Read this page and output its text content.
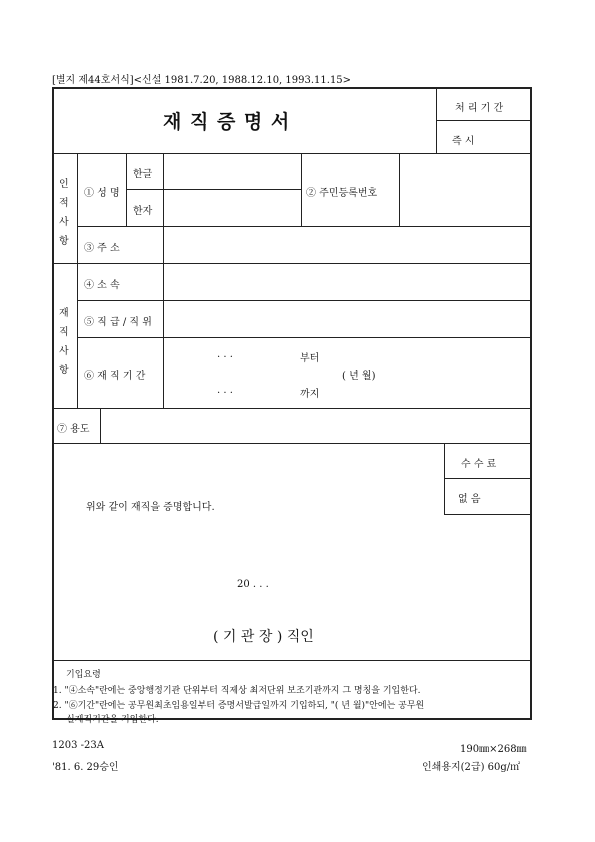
[별지 제44호서식]<신설 1981.7.20, 1988.12.10, 1993.11.15>
재 직 증 명 서
처 리 기 간
즉 시
인
적
사
항
① 성 명
한글
한자
② 주민등록번호
③ 주 소
재
직
사
항
④ 소 속
⑤ 직 급 / 직 위
⑥ 재 직 기 간
. . .	부터
. . .	까지
( 년 월)
⑦ 용도
수 수 료
없 음
위와 같이 재직을 증명합니다.
20 . . .
( 기 관 장 ) 직인
기입요령
1. "④소속"란에는 중앙행정기관 단위부터 직제상 최저단위 보조기관까지 그 명칭을 기입한다.
2. "⑥기간"란에는 공무원최초임용일부터 증명서발급일까지 기입하되, "( 년 월)"안에는 공무원
실재직기간을 기입한다.
1203 -23A
'81. 6. 29승인
190㎜×268㎜
인쇄용지(2급) 60g/㎡
